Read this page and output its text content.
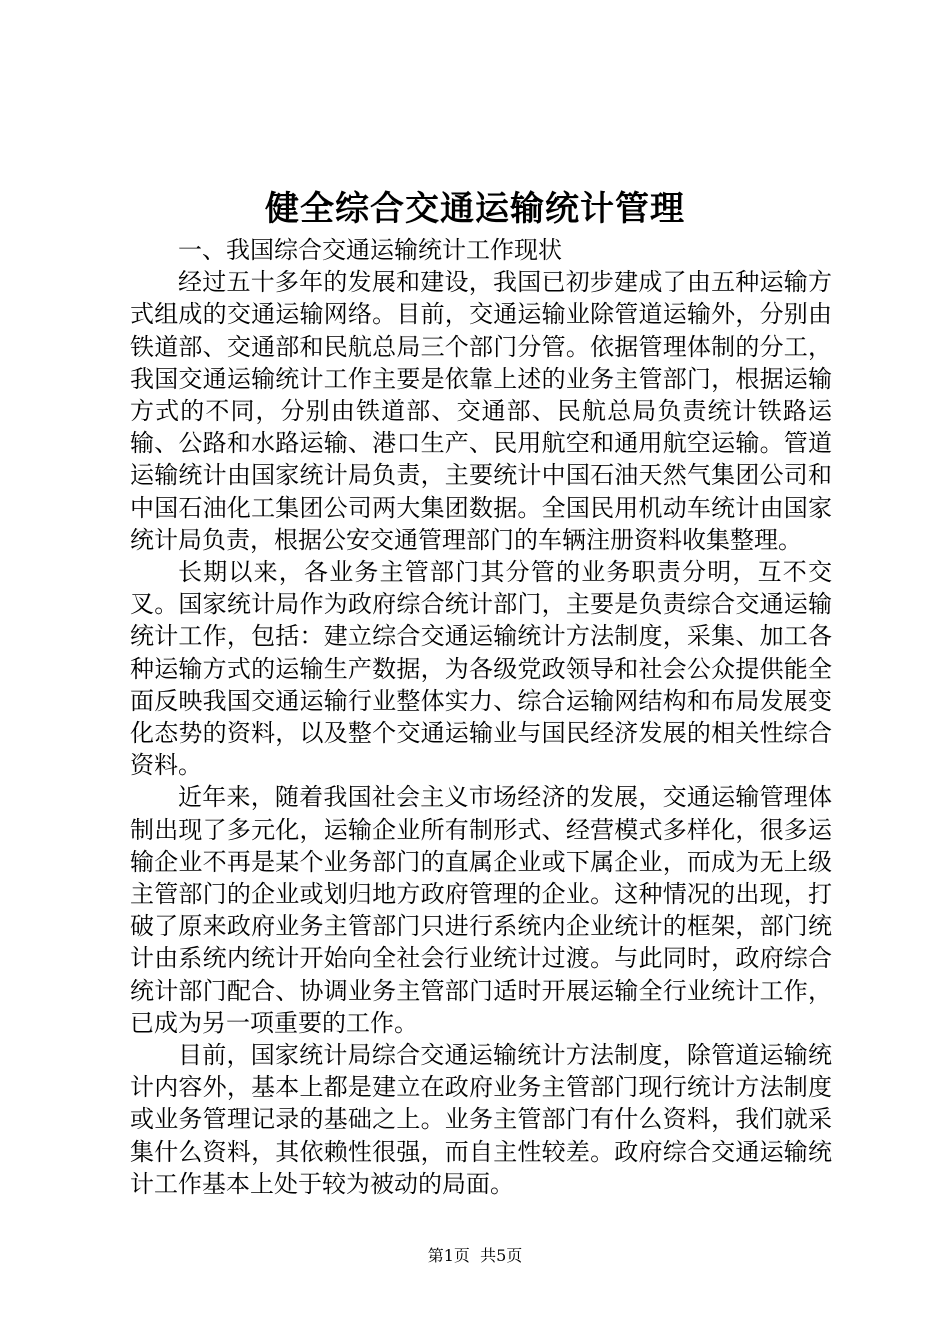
健全综合交通运输统计管理

一、我国综合交通运输统计工作现状

经过五十多年的发展和建设，我国已初步建成了由五种运输方式组成的交通运输网络。目前，交通运输业除管道运输外，分别由铁道部、交通部和民航总局三个部门分管。依据管理体制的分工，我国交通运输统计工作主要是依靠上述的业务主管部门，根据运输方式的不同，分别由铁道部、交通部、民航总局负责统计铁路运输、公路和水路运输、港口生产、民用航空和通用航空运输。管道运输统计由国家统计局负责，主要统计中国石油天然气集团公司和中国石油化工集团公司两大集团数据。全国民用机动车统计由国家统计局负责，根据公安交通管理部门的车辆注册资料收集整理。

长期以来，各业务主管部门其分管的业务职责分明，互不交叉。国家统计局作为政府综合统计部门，主要是负责综合交通运输统计工作，包括：建立综合交通运输统计方法制度，采集、加工各种运输方式的运输生产数据，为各级党政领导和社会公众提供能全面反映我国交通运输行业整体实力、综合运输网结构和布局发展变化态势的资料，以及整个交通运输业与国民经济发展的相关性综合资料。

近年来，随着我国社会主义市场经济的发展，交通运输管理体制出现了多元化，运输企业所有制形式、经营模式多样化，很多运输企业不再是某个业务部门的直属企业或下属企业，而成为无上级主管部门的企业或划归地方政府管理的企业。这种情况的出现，打破了原来政府业务主管部门只进行系统内企业统计的框架，部门统计由系统内统计开始向全社会行业统计过渡。与此同时，政府综合统计部门配合、协调业务主管部门适时开展运输全行业统计工作，已成为另一项重要的工作。

目前，国家统计局综合交通运输统计方法制度，除管道运输统计内容外，基本上都是建立在政府业务主管部门现行统计方法制度或业务管理记录的基础之上。业务主管部门有什么资料，我们就采集什么资料，其依赖性很强，而自主性较差。政府综合交通运输统计工作基本上处于较为被动的局面。

第1页 共5页
